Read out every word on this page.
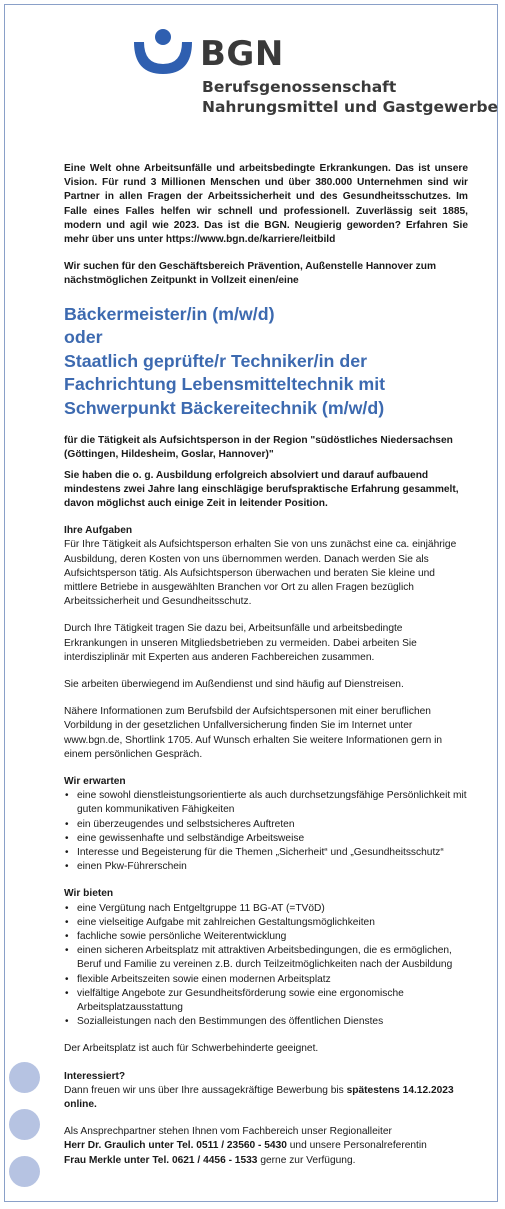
BGN
Berufsgenossenschaft
Nahrungsmittel und Gastgewerbe

Eine Welt ohne Arbeitsunfälle und arbeitsbedingte Erkrankungen. Das ist unsere Vision. Für rund 3 Millionen Menschen und über 380.000 Unternehmen sind wir Partner in allen Fragen der Arbeitssicherheit und des Gesundheitsschutzes. Im Falle eines Falles helfen wir schnell und professionell. Zuverlässig seit 1885, modern und agil wie 2023. Das ist die BGN. Neugierig geworden? Erfahren Sie mehr über uns unter https://www.bgn.de/karriere/leitbild

Wir suchen für den Geschäftsbereich Prävention, Außenstelle Hannover zum nächstmöglichen Zeitpunkt in Vollzeit einen/eine

Bäckermeister/in (m/w/d)
oder
Staatlich geprüfte/r Techniker/in der
Fachrichtung Lebensmitteltechnik mit
Schwerpunkt Bäckereitechnik (m/w/d)

für die Tätigkeit als Aufsichtsperson in der Region "südöstliches Niedersachsen (Göttingen, Hildesheim, Goslar, Hannover)"

Sie haben die o. g. Ausbildung erfolgreich absolviert und darauf aufbauend mindestens zwei Jahre lang einschlägige berufspraktische Erfahrung gesammelt, davon möglichst auch einige Zeit in leitender Position.

Ihre Aufgaben

Für Ihre Tätigkeit als Aufsichtsperson erhalten Sie von uns zunächst eine ca. einjährige Ausbildung, deren Kosten von uns übernommen werden. Danach werden Sie als Aufsichtsperson tätig. Als Aufsichtsperson überwachen und beraten Sie kleine und mittlere Betriebe in ausgewählten Branchen vor Ort zu allen Fragen bezüglich Arbeitssicherheit und Gesundheitsschutz.

Durch Ihre Tätigkeit tragen Sie dazu bei, Arbeitsunfälle und arbeitsbedingte Erkrankungen in unseren Mitgliedsbetrieben zu vermeiden. Dabei arbeiten Sie interdisziplinär mit Experten aus anderen Fachbereichen zusammen.

Sie arbeiten überwiegend im Außendienst und sind häufig auf Dienstreisen.

Nähere Informationen zum Berufsbild der Aufsichtspersonen mit einer beruflichen Vorbildung in der gesetzlichen Unfallversicherung finden Sie im Internet unter www.bgn.de, Shortlink 1705. Auf Wunsch erhalten Sie weitere Informationen gern in einem persönlichen Gespräch.

Wir erwarten

• eine sowohl dienstleistungsorientierte als auch durchsetzungsfähige Persönlichkeit mit guten kommunikativen Fähigkeiten
• ein überzeugendes und selbstsicheres Auftreten
• eine gewissenhafte und selbständige Arbeitsweise
• Interesse und Begeisterung für die Themen „Sicherheit“ und „Gesundheitsschutz“
• einen Pkw-Führerschein

Wir bieten

• eine Vergütung nach Entgeltgruppe 11 BG-AT (=TVöD)
• eine vielseitige Aufgabe mit zahlreichen Gestaltungsmöglichkeiten
• fachliche sowie persönliche Weiterentwicklung
• einen sicheren Arbeitsplatz mit attraktiven Arbeitsbedingungen, die es ermöglichen, Beruf und Familie zu vereinen z.B. durch Teilzeitmöglichkeiten nach der Ausbildung
• flexible Arbeitszeiten sowie einen modernen Arbeitsplatz
• vielfältige Angebote zur Gesundheitsförderung sowie eine ergonomische Arbeitsplatzausstattung
• Sozialleistungen nach den Bestimmungen des öffentlichen Dienstes

Der Arbeitsplatz ist auch für Schwerbehinderte geeignet.

Interessiert?

Dann freuen wir uns über Ihre aussagekräftige Bewerbung bis spätestens 14.12.2023 online.

Als Ansprechpartner stehen Ihnen vom Fachbereich unser Regionalleiter
Herr Dr. Graulich unter Tel. 0511 / 23560 - 5430 und unsere Personalreferentin
Frau Merkle unter Tel. 0621 / 4456 - 1533 gerne zur Verfügung.
